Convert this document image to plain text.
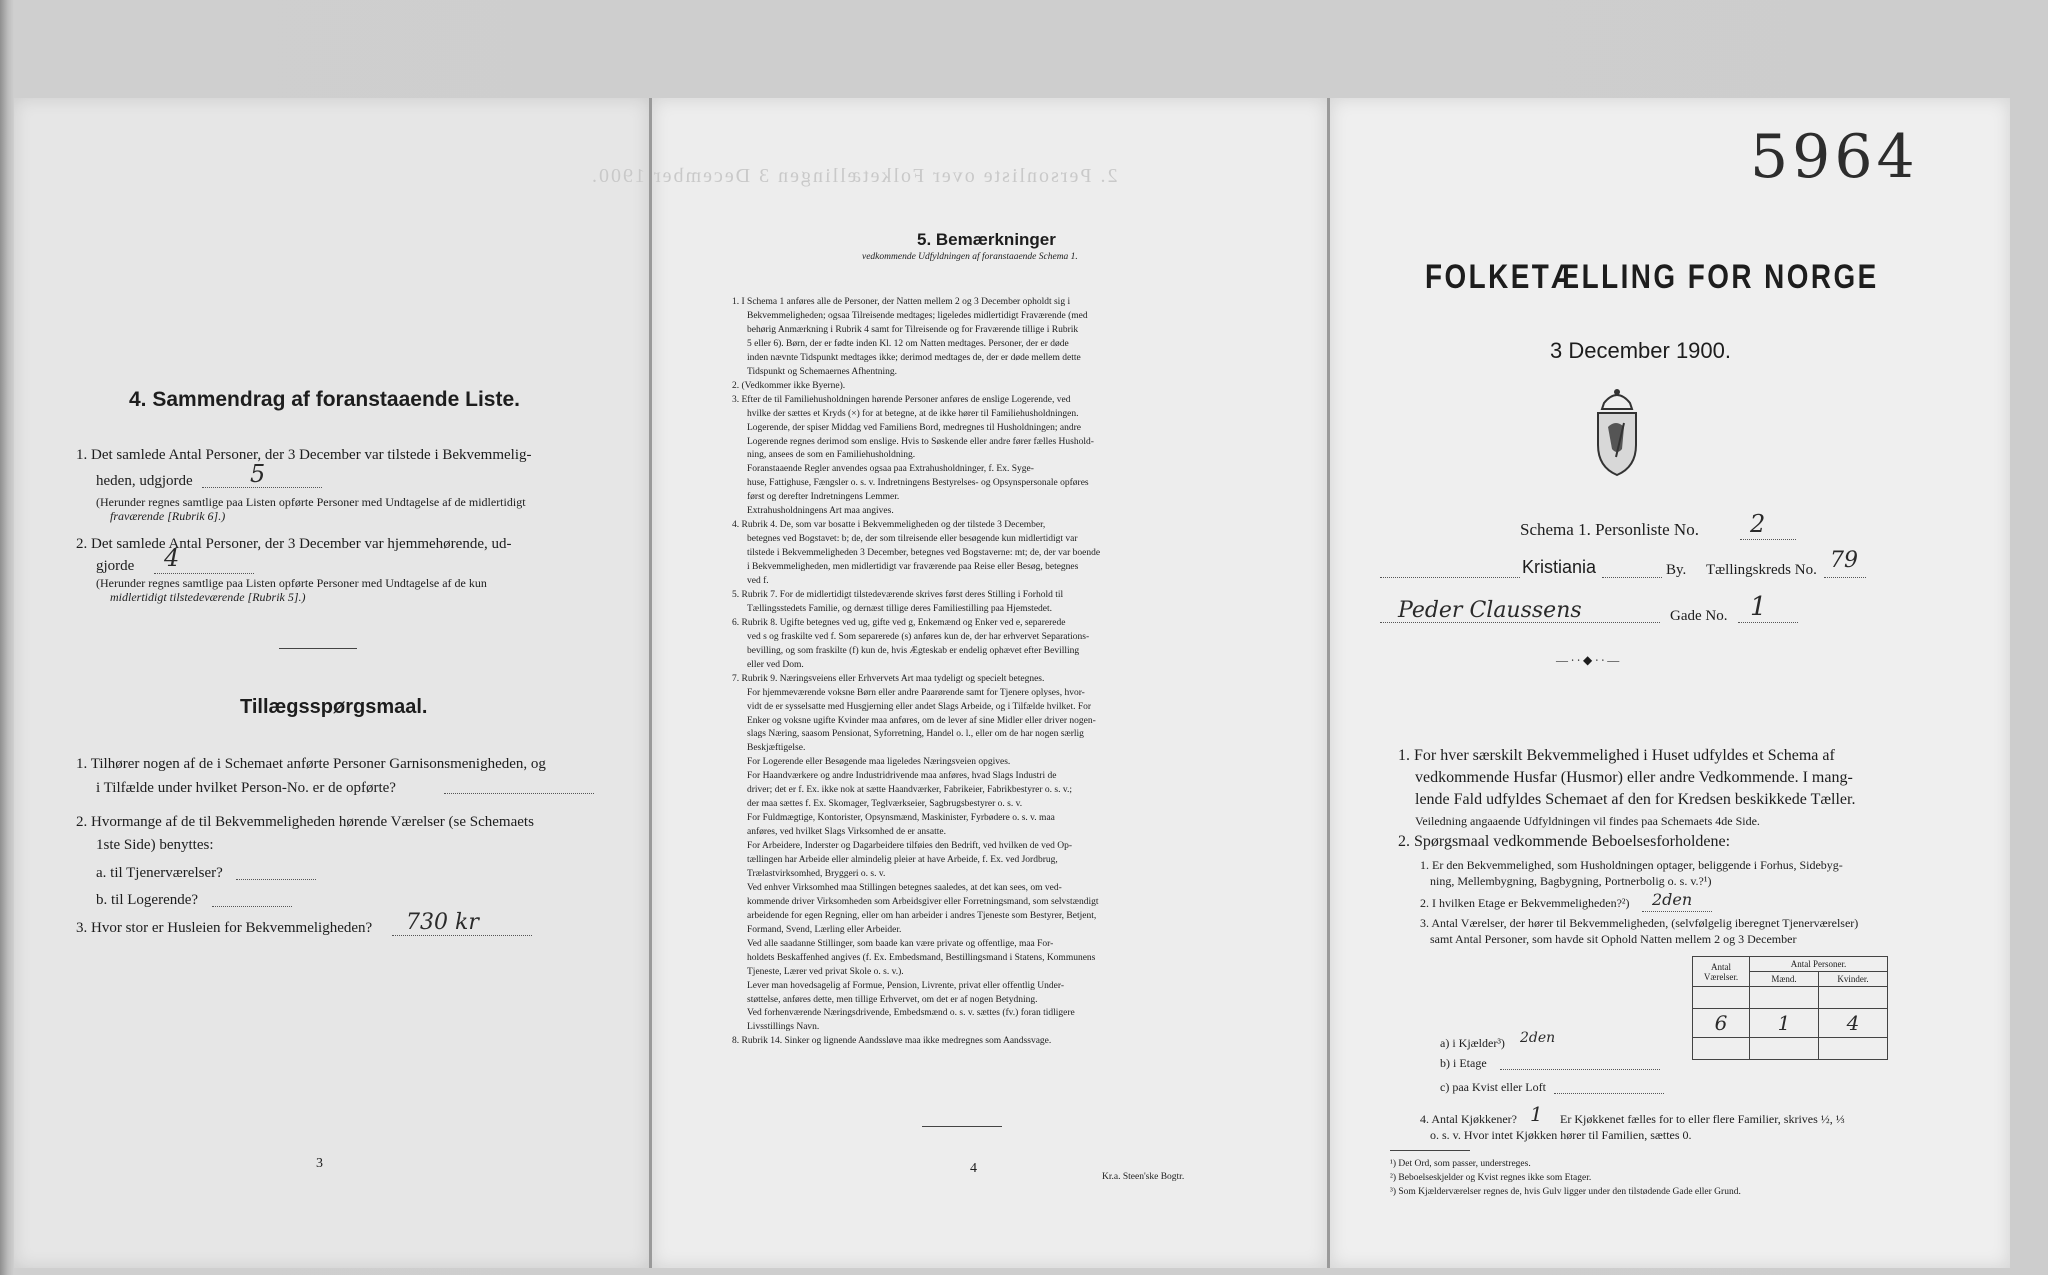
4. Sammendrag af foranstaaende Liste.
1. Det samlede Antal Personer, der 3 December var tilstede i Bekvemmelig-
heden, udgjorde 5
(Herunder regnes samtlige paa Listen opførte Personer med Undtagelse af de midlertidigt
fraværende [Rubrik 6].)
2. Det samlede Antal Personer, der 3 December var hjemmehørende, ud-
gjorde 4
(Herunder regnes samtlige paa Listen opførte Personer med Undtagelse af de kun
midlertidigt tilstedeværende [Rubrik 5].)
Tillægsspørgsmaal.
1. Tilhører nogen af de i Schemaet anførte Personer Garnisonsmenigheden, og
i Tilfælde under hvilket Person-No. er de opførte?
2. Hvormange af de til Bekvemmeligheden hørende Værelser (se Schemaets
1ste Side) benyttes:
a. til Tjenerværelser?
b. til Logerende?
3. Hvor stor er Husleien for Bekvemmeligheden? 730 kr
3
5. Bemærkninger
vedkommende Udfyldningen af foranstaaende Schema 1.
1. I Schema 1 anføres alle de Personer, der Natten mellem 2 og 3 December opholdt sig i
Bekvemmeligheden; ogsaa Tilreisende medtages; ligeledes midlertidigt Fraværende (med
behørig Anmærkning i Rubrik 4 samt for Tilreisende og for Fraværende tillige i Rubrik
5 eller 6). Børn, der er fødte inden Kl. 12 om Natten medtages. Personer, der er døde
inden nævnte Tidspunkt medtages ikke; derimod medtages de, der er døde mellem dette
Tidspunkt og Schemaernes Afhentning.
2. (Vedkommer ikke Byerne).
3. Efter de til Familiehusholdningen hørende Personer anføres de enslige Logerende, ved
hvilke der sættes et Kryds (×) for at betegne, at de ikke hører til Familiehusholdningen.
Logerende, der spiser Middag ved Familiens Bord, medregnes til Husholdningen; andre
Logerende regnes derimod som enslige. Hvis to Søskende eller andre fører fælles Hushold-
ning, ansees de som en Familiehusholdning.
Foranstaaende Regler anvendes ogsaa paa Extrahusholdninger, f. Ex. Syge-
huse, Fattighuse, Fængsler o. s. v. Indretningens Bestyrelses- og Opsynspersonale opføres
først og derefter Indretningens Lemmer.
Extrahusholdningens Art maa angives.
4. Rubrik 4. De, som var bosatte i Bekvemmeligheden og der tilstede 3 December,
betegnes ved Bogstavet: b; de, der som tilreisende eller besøgende kun midlertidigt var
tilstede i Bekvemmeligheden 3 December, betegnes ved Bogstaverne: mt; de, der var boende
i Bekvemmeligheden, men midlertidigt var fraværende paa Reise eller Besøg, betegnes
ved f.
5. Rubrik 7. For de midlertidigt tilstedeværende skrives først deres Stilling i Forhold til
Tællingsstedets Familie, og dernæst tillige deres Familiestilling paa Hjemstedet.
6. Rubrik 8. Ugifte betegnes ved ug, gifte ved g, Enkemænd og Enker ved e, separerede
ved s og fraskilte ved f. Som separerede (s) anføres kun de, der har erhvervet Separations-
bevilling, og som fraskilte (f) kun de, hvis Ægteskab er endelig ophævet efter Bevilling
eller ved Dom.
7. Rubrik 9. Næringsveiens eller Erhvervets Art maa tydeligt og specielt betegnes.
For hjemmeværende voksne Børn eller andre Paarørende samt for Tjenere oplyses, hvor-
vidt de er sysselsatte med Husgjerning eller andet Slags Arbeide, og i Tilfælde hvilket. For
Enker og voksne ugifte Kvinder maa anføres, om de lever af sine Midler eller driver nogen-
slags Næring, saasom Pensionat, Syforretning, Handel o. l., eller om de har nogen særlig
Beskjæftigelse.
For Logerende eller Besøgende maa ligeledes Næringsveien opgives.
For Haandværkere og andre Industridrivende maa anføres, hvad Slags Industri de
driver; det er f. Ex. ikke nok at sætte Haandværker, Fabrikeier, Fabrikbestyrer o. s. v.;
der maa sættes f. Ex. Skomager, Teglværkseier, Sagbrugsbestyrer o. s. v.
For Fuldmægtige, Kontorister, Opsynsmænd, Maskinister, Fyrbødere o. s. v. maa
anføres, ved hvilket Slags Virksomhed de er ansatte.
For Arbeidere, Inderster og Dagarbeidere tilføies den Bedrift, ved hvilken de ved Op-
tællingen har Arbeide eller almindelig pleier at have Arbeide, f. Ex. ved Jordbrug,
Trælastvirksomhed, Bryggeri o. s. v.
Ved enhver Virksomhed maa Stillingen betegnes saaledes, at det kan sees, om ved-
kommende driver Virksomheden som Arbeidsgiver eller Forretningsmand, som selvstændigt
arbeidende for egen Regning, eller om han arbeider i andres Tjeneste som Bestyrer, Betjent,
Formand, Svend, Lærling eller Arbeider.
Ved alle saadanne Stillinger, som baade kan være private og offentlige, maa For-
holdets Beskaffenhed angives (f. Ex. Embedsmand, Bestillingsmand i Statens, Kommunens
Tjeneste, Lærer ved privat Skole o. s. v.).
Lever man hovedsagelig af Formue, Pension, Livrente, privat eller offentlig Under-
støttelse, anføres dette, men tillige Erhvervet, om det er af nogen Betydning.
Ved forhenværende Næringsdrivende, Embedsmænd o. s. v. sættes (fv.) foran tidligere
Livsstillings Navn.
8. Rubrik 14. Sinker og lignende Aandssløve maa ikke medregnes som Aandssvage.
4
Kr.a. Steen'ske Bogtr.
5964
FOLKETÆLLING FOR NORGE
3 December 1900.
Schema 1. Personliste No. 2
Kristiania	By. Tællingskreds No. 79
Peder Claussens	Gade No. 1
— ∙ ∙ ◆ ∙ ∙ —
1. For hver særskilt Bekvemmelighed i Huset udfyldes et Schema af
vedkommende Husfar (Husmor) eller andre Vedkommende. I mang-
lende Fald udfyldes Schemaet af den for Kredsen beskikkede Tæller.
Veiledning angaaende Udfyldningen vil findes paa Schemaets 4de Side.
2. Spørgsmaal vedkommende Beboelsesforholdene:
1. Er den Bekvemmelighed, som Husholdningen optager, beliggende i Forhus, Sidebyg-
ning, Mellembygning, Bagbygning, Portnerbolig o. s. v.?¹)
2. I hvilken Etage er Bekvemmeligheden?²) 2den
3. Antal Værelser, der hører til Bekvemmeligheden, (selvfølgelig iberegnet Tjenerværelser)
samt Antal Personer, som havde sit Ophold Natten mellem 2 og 3 December
Antal Værelser.	Antal Personer.	
	Mænd.	Kvinder.

6	1	4

a) i Kjælder³) 2den
b) i Etage
c) paa Kvist eller Loft
4. Antal Kjøkkener? 1 Er Kjøkkenet fælles for to eller flere Familier, skrives ½, ⅓
o. s. v. Hvor intet Kjøkken hører til Familien, sættes 0.
¹) Det Ord, som passer, understreges.
²) Beboelseskjelder og Kvist regnes ikke som Etager.
³) Som Kjælderværelser regnes de, hvis Gulv ligger under den tilstødende Gade eller Grund.
2. Personliste over Folketællingen 3 December 1900.
